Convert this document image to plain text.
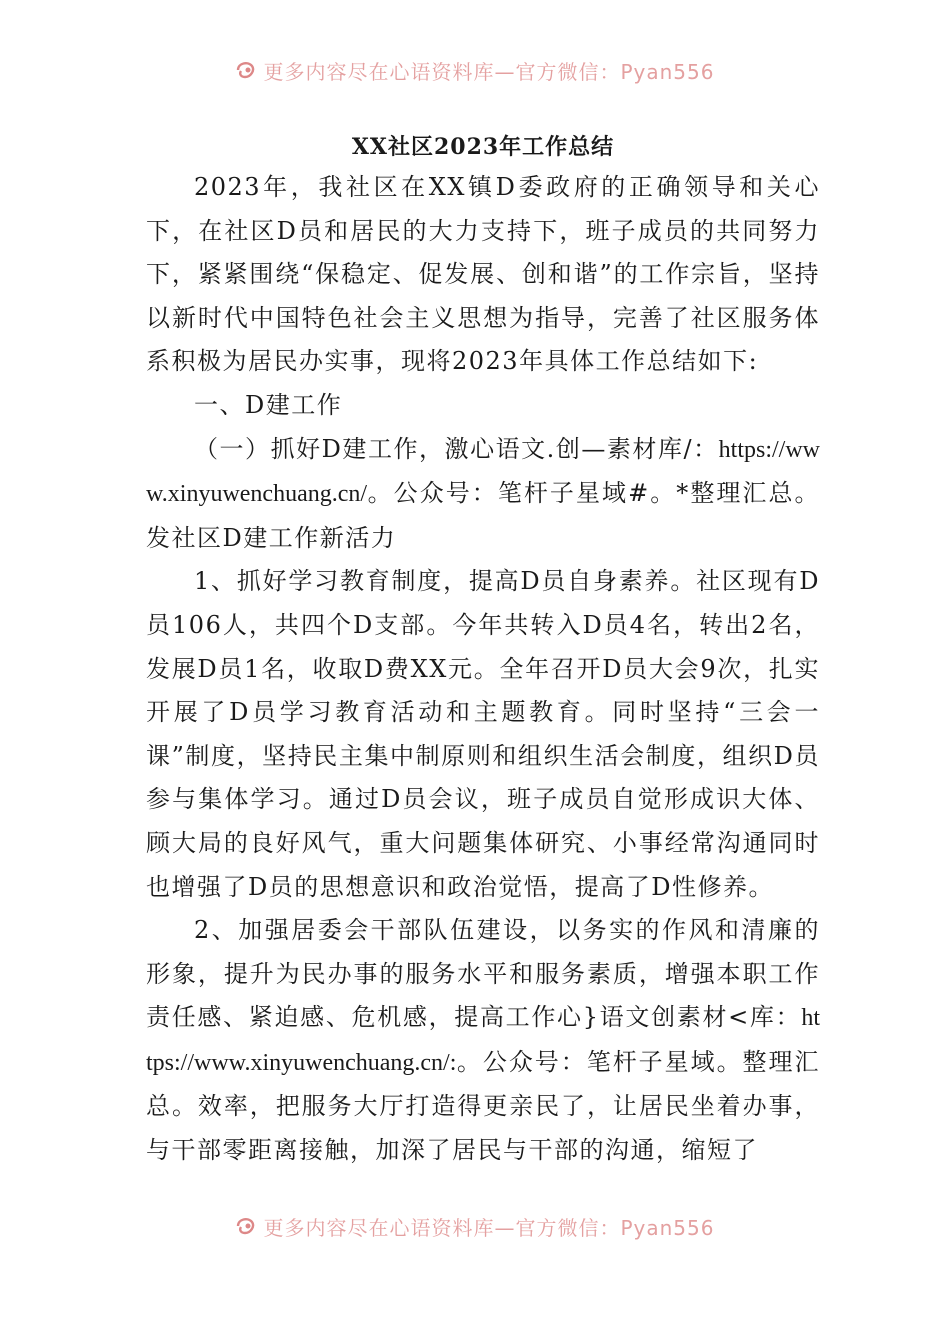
更多内容尽在心语资料库—官方微信：Pyan556
XX社区2023年工作总结

2023年，我社区在XX镇D委政府的正确领导和关心下，在社区D员和居民的大力支持下，班子成员的共同努力下，紧紧围绕“保稳定、促发展、创和谐”的工作宗旨，坚持以新时代中国特色社会主义思想为指导，完善了社区服务体系积极为居民办实事，现将2023年具体工作总结如下:

一、D建工作

（一）抓好D建工作，激心语文.创—素材库/：https://www.xinyuwenchuang.cn/。公众号：笔杆子星域#。*整理汇总。发社区D建工作新活力

1、抓好学习教育制度，提高D员自身素养。社区现有D员106人，共四个D支部。今年共转入D员4名，转出2名，发展D员1名，收取D费XX元。全年召开D员大会9次，扎实开展了D员学习教育活动和主题教育。同时坚持“三会一课”制度，坚持民主集中制原则和组织生活会制度，组织D员参与集体学习。通过D员会议，班子成员自觉形成识大体、顾大局的良好风气，重大问题集体研究、小事经常沟通同时也增强了D员的思想意识和政治觉悟，提高了D性修养。

2、加强居委会干部队伍建设，以务实的作风和清廉的形象，提升为民办事的服务水平和服务素质，增强本职工作责任感、紧迫感、危机感，提高工作心}语文创素材<库：https://www.xinyuwenchuang.cn/:。公众号：笔杆子星域。整理汇总。效率，把服务大厅打造得更亲民了，让居民坐着办事，与干部零距离接触，加深了居民与干部的沟通，缩短了

更多内容尽在心语资料库—官方微信：Pyan556
